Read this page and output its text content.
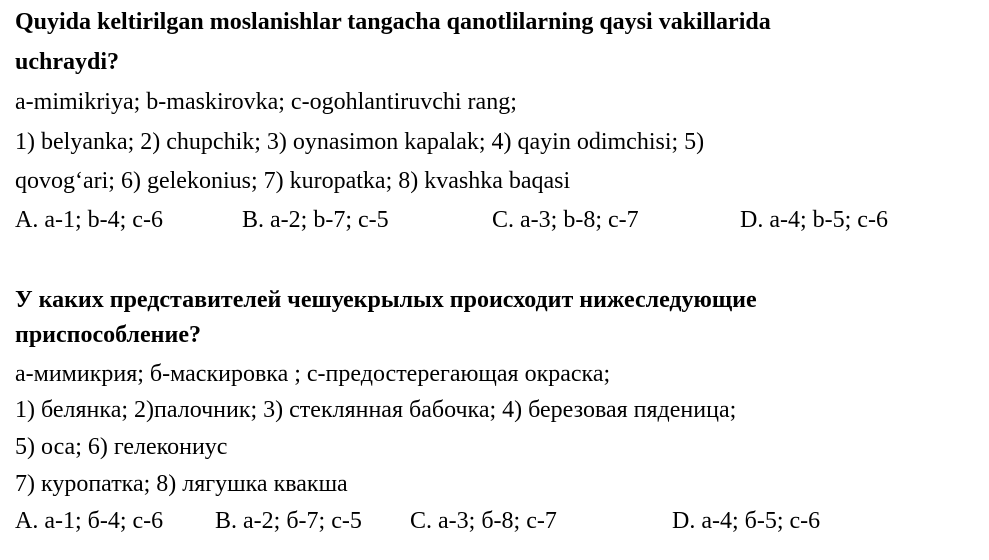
Quyida keltirilgan moslanishlar tangacha qanotlilarning qaysi vakillarida
uchraydi?
a-mimikriya; b-maskirovka; c-ogohlantiruvchi rang;
1) belyanka; 2) chupchik; 3) oynasimon kapalak; 4) qayin odimchisi; 5)
qovog‘ari; 6) gelekonius; 7) kuropatka; 8) kvashka baqasi
A. a-1; b-4; c-6	B. a-2; b-7; c-5	C. a-3; b-8; c-7	D. a-4; b-5; c-6
У каких представителей чешуекрылых происходит нижеследующие
приспособление?
а-мимикрия; б-маскировка ; с-предостерегающая окраска;
1) белянка; 2)палочник; 3) стеклянная бабочка; 4) березовая пяденица;
5) оса; 6) гелекониус
7) куропатка; 8) лягушка квакша
A. а-1; б-4; с-6 B. а-2; б-7; с-5 C. а-3; б-8; с-7	D. а-4; б-5; с-6
